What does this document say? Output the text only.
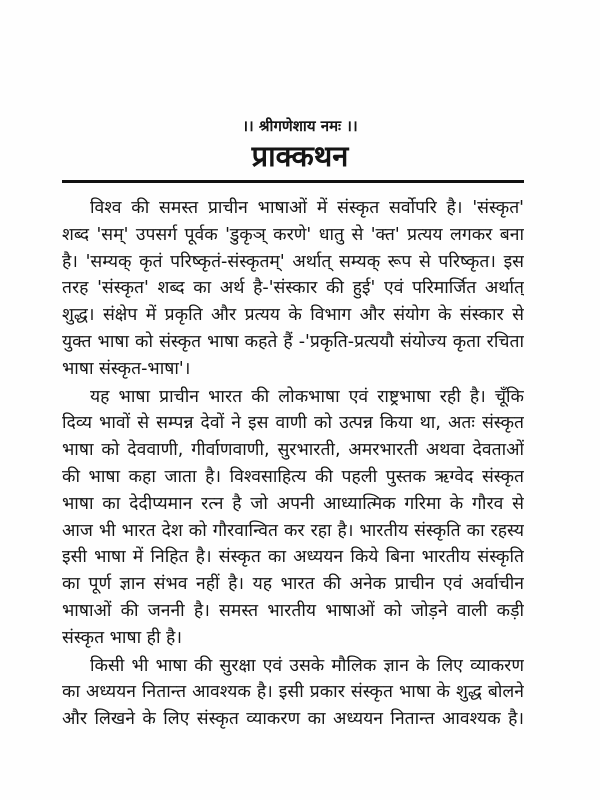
।। श्रीगणेशाय नमः ।।
प्राक्कथन
विश्व की समस्त प्राचीन भाषाओं में संस्कृत सर्वोपरि है। 'संस्कृत'
शब्द 'सम्' उपसर्ग पूर्वक 'डुकृञ् करणे' धातु से 'क्त' प्रत्यय लगकर बना
है। 'सम्यक् कृतं परिष्कृतं-संस्कृतम्' अर्थात् सम्यक् रूप से परिष्कृत। इस
तरह 'संस्कृत' शब्द का अर्थ है-'संस्कार की हुई' एवं परिमार्जित अर्थात्
शुद्ध। संक्षेप में प्रकृति और प्रत्यय के विभाग और संयोग के संस्कार से
युक्त भाषा को संस्कृत भाषा कहते हैं -'प्रकृति-प्रत्ययौ संयोज्य कृता रचिता
भाषा संस्कृत-भाषा'।
यह भाषा प्राचीन भारत की लोकभाषा एवं राष्ट्रभाषा रही है। चूँकि
दिव्य भावों से सम्पन्न देवों ने इस वाणी को उत्पन्न किया था, अतः संस्कृत
भाषा को देववाणी, गीर्वाणवाणी, सुरभारती, अमरभारती अथवा देवताओं
की भाषा कहा जाता है। विश्वसाहित्य की पहली पुस्तक ऋग्वेद संस्कृत
भाषा का देदीप्यमान रत्न है जो अपनी आध्यात्मिक गरिमा के गौरव से
आज भी भारत देश को गौरवान्वित कर रहा है। भारतीय संस्कृति का रहस्य
इसी भाषा में निहित है। संस्कृत का अध्ययन किये बिना भारतीय संस्कृति
का पूर्ण ज्ञान संभव नहीं है। यह भारत की अनेक प्राचीन एवं अर्वाचीन
भाषाओं की जननी है। समस्त भारतीय भाषाओं को जोड़ने वाली कड़ी
संस्कृत भाषा ही है।
किसी भी भाषा की सुरक्षा एवं उसके मौलिक ज्ञान के लिए व्याकरण
का अध्ययन नितान्त आवश्यक है। इसी प्रकार संस्कृत भाषा के शुद्ध बोलने
और लिखने के लिए संस्कृत व्याकरण का अध्ययन नितान्त आवश्यक है।
